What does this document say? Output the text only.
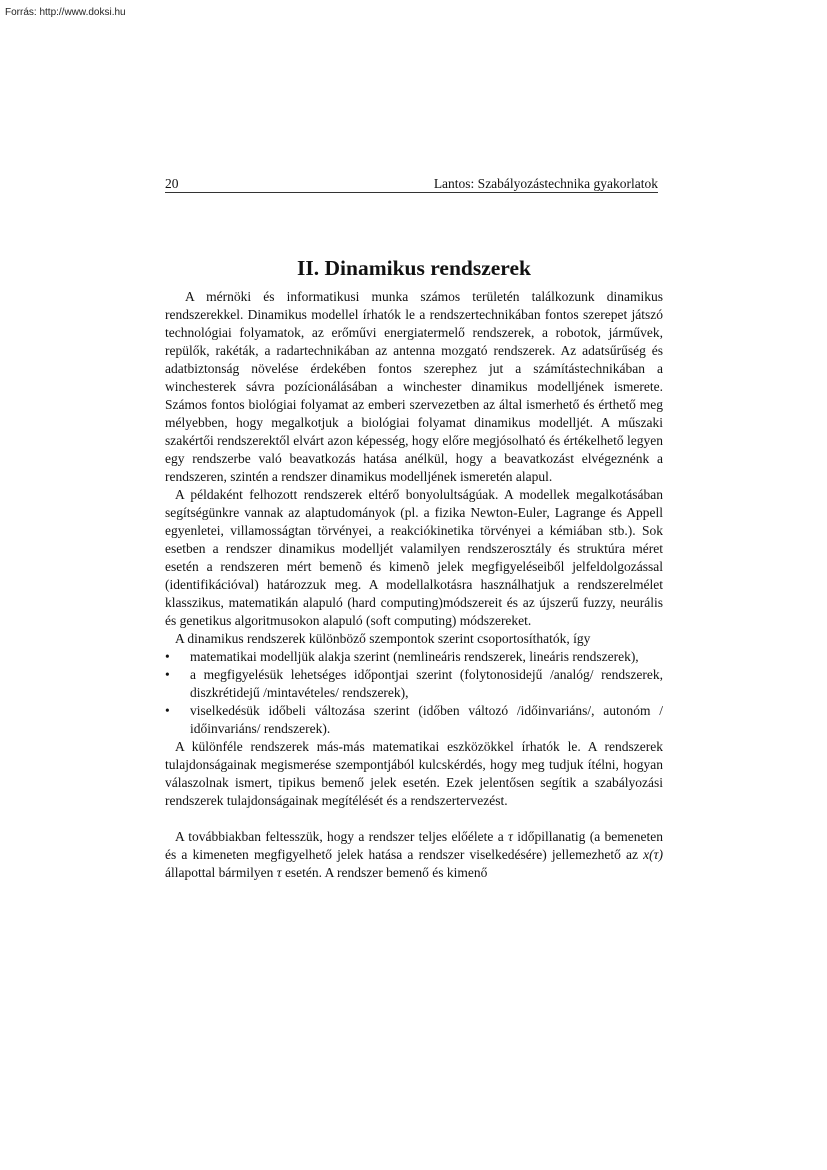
Forrás: http://www.doksi.hu
20	Lantos: Szabályozástechnika gyakorlatok
II. Dinamikus rendszerek

A mérnöki és informatikusi munka számos területén találkozunk dinamikus rendszerekkel. Dinamikus modellel írhatók le a rendszertechnikában fontos szerepet játszó technológiai folyamatok, az erőművi energiatermelő rendszerek, a robotok, járművek, repülők, rakéták, a radartechnikában az antenna mozgató rendszerek. Az adatsűrűség és adatbiztonság növelése érdekében fontos szerephez jut a számítástechnikában a winchesterek sávra pozícionálásában a winchester dinamikus modelljének ismerete. Számos fontos biológiai folyamat az emberi szervezetben az által ismerhető és érthető meg mélyebben, hogy megalkotjuk a biológiai folyamat dinamikus modelljét. A műszaki szakértői rendszerektől elvárt azon képesség, hogy előre megjósolható és értékelhető legyen egy rendszerbe való beavatkozás hatása anélkül, hogy a beavatkozást elvégeznénk a rendszeren, szintén a rendszer dinamikus modelljének ismeretén alapul.

A példaként felhozott rendszerek eltérő bonyolultságúak. A modellek megalkotásában segítségünkre vannak az alaptudományok (pl. a fizika Newton-Euler, Lagrange és Appell egyenletei, villamosságtan törvényei, a reakciókinetika törvényei a kémiában stb.). Sok esetben a rendszer dinamikus modelljét valamilyen rendszerosztály és struktúra méret esetén a rendszeren mért bemenõ és kimenõ jelek megfigyeléseiből jelfeldolgozással (identifikációval) határozzuk meg. A modellalkotásra használhatjuk a rendszerelmélet klasszikus, matematikán alapuló (hard computing)módszereit és az újszerű fuzzy, neurális és genetikus algoritmusokon alapuló (soft computing) módszereket.

A dinamikus rendszerek különböző szempontok szerint csoportosíthatók, így

• matematikai modelljük alakja szerint (nemlineáris rendszerek, lineáris rendszerek),
• a megfigyelésük lehetséges időpontjai szerint (folytonosidejű /analóg/ rendszerek, diszkrétidejű /mintavételes/ rendszerek),
• viselkedésük időbeli változása szerint (időben változó /időinvariáns/, autonóm / időinvariáns/ rendszerek).

A különféle rendszerek más-más matematikai eszközökkel írhatók le. A rendszerek tulajdonságainak megismerése szempontjából kulcskérdés, hogy meg tudjuk ítélni, hogyan válaszolnak ismert, tipikus bemenő jelek esetén. Ezek jelentősen segítik a szabályozási rendszerek tulajdonságainak megítélését és a rendszertervezést.

A továbbiakban feltesszük, hogy a rendszer teljes előélete a τ időpillanatig (a bemeneten és a kimeneten megfigyelhető jelek hatása a rendszer viselkedésére) jellemezhető az x(τ) állapottal bármilyen τ esetén. A rendszer bemenő és kimenő
